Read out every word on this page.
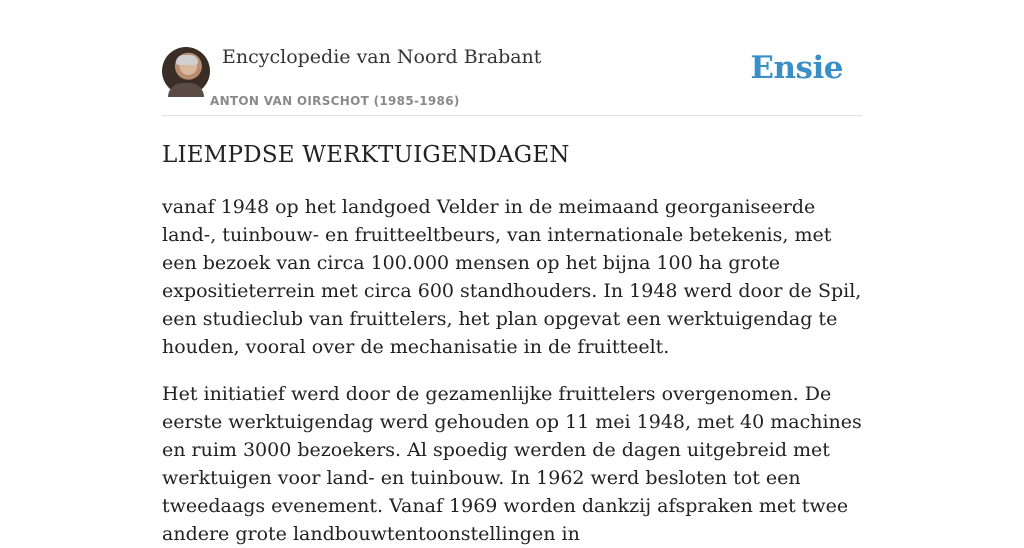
Encyclopedie van Noord Brabant
ANTON VAN OIRSCHOT (1985-1986)
Ensie
LIEMPDSE WERKTUIGENDAGEN

vanaf 1948 op het landgoed Velder in de meimaand georganiseerde land-, tuinbouw- en fruitteeltbeurs, van internationale betekenis, met een bezoek van circa 100.000 mensen op het bijna 100 ha grote expositieterrein met circa 600 standhouders. In 1948 werd door de Spil, een studieclub van fruittelers, het plan opgevat een werktuigendag te houden, vooral over de mechanisatie in de fruitteelt.

Het initiatief werd door de gezamenlijke fruittelers overgenomen. De eerste werktuigendag werd gehouden op 11 mei 1948, met 40 machines en ruim 3000 bezoekers. Al spoedig werden de dagen uitgebreid met werktuigen voor land- en tuinbouw. In 1962 werd besloten tot een tweedaags evenement. Vanaf 1969 worden dankzij afspraken met twee andere grote landbouwtentoonstellingen in
